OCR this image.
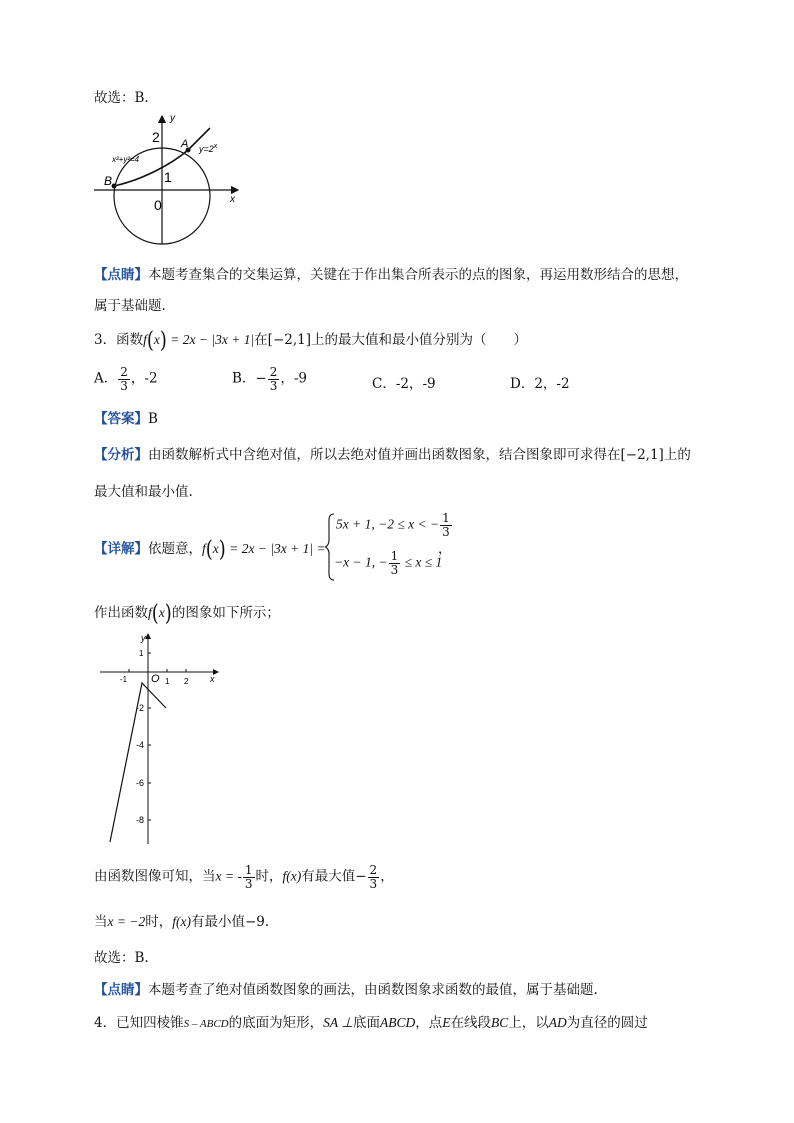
故选：B.
y
x
2
1
0
A
B
$y=2^x$
x²+y²=4
【点睛】本题考查集合的交集运算，关键在于作出集合所表示的点的图象，再运用数形结合的思想，
属于基础题.
3．函数f(x) = 2x − |3x + 1|在[−2,1]上的最大值和最小值分别为（　　）
A． $\frac{2}{3}$ ，-2	B．− $\frac{2}{3}$ ，-9	C．-2，-9	D．2，-2
【答案】B
【分析】由函数解析式中含绝对值，所以去绝对值并画出函数图象，结合图象即可求得在[−2,1]上的
最大值和最小值.
【详解】依题意，f(x) = 2x − |3x + 1| =
5x + 1, −2 ≤ x < − $\frac{1}{3}$
，
−x − 1, − $\frac{1}{3} \le x \le 1$
作出函数f(x)的图象如下所示；
y
x
O
-1	1 2
1
-2
-4
-6
-8
由函数图像可知，当x = - $\frac{1}{3}$ 时，f(x)有最大值− $\frac{2}{3}$ ，
当x = −2时，f(x)有最小值−9．
故选：B.
【点睛】本题考查了绝对值函数图象的画法，由函数图象求函数的最值，属于基础题.
4．已知四棱锥S – ABCD的底面为矩形，SA ⊥底面ABCD，点E在线段BC上，以AD为直径的圆过
